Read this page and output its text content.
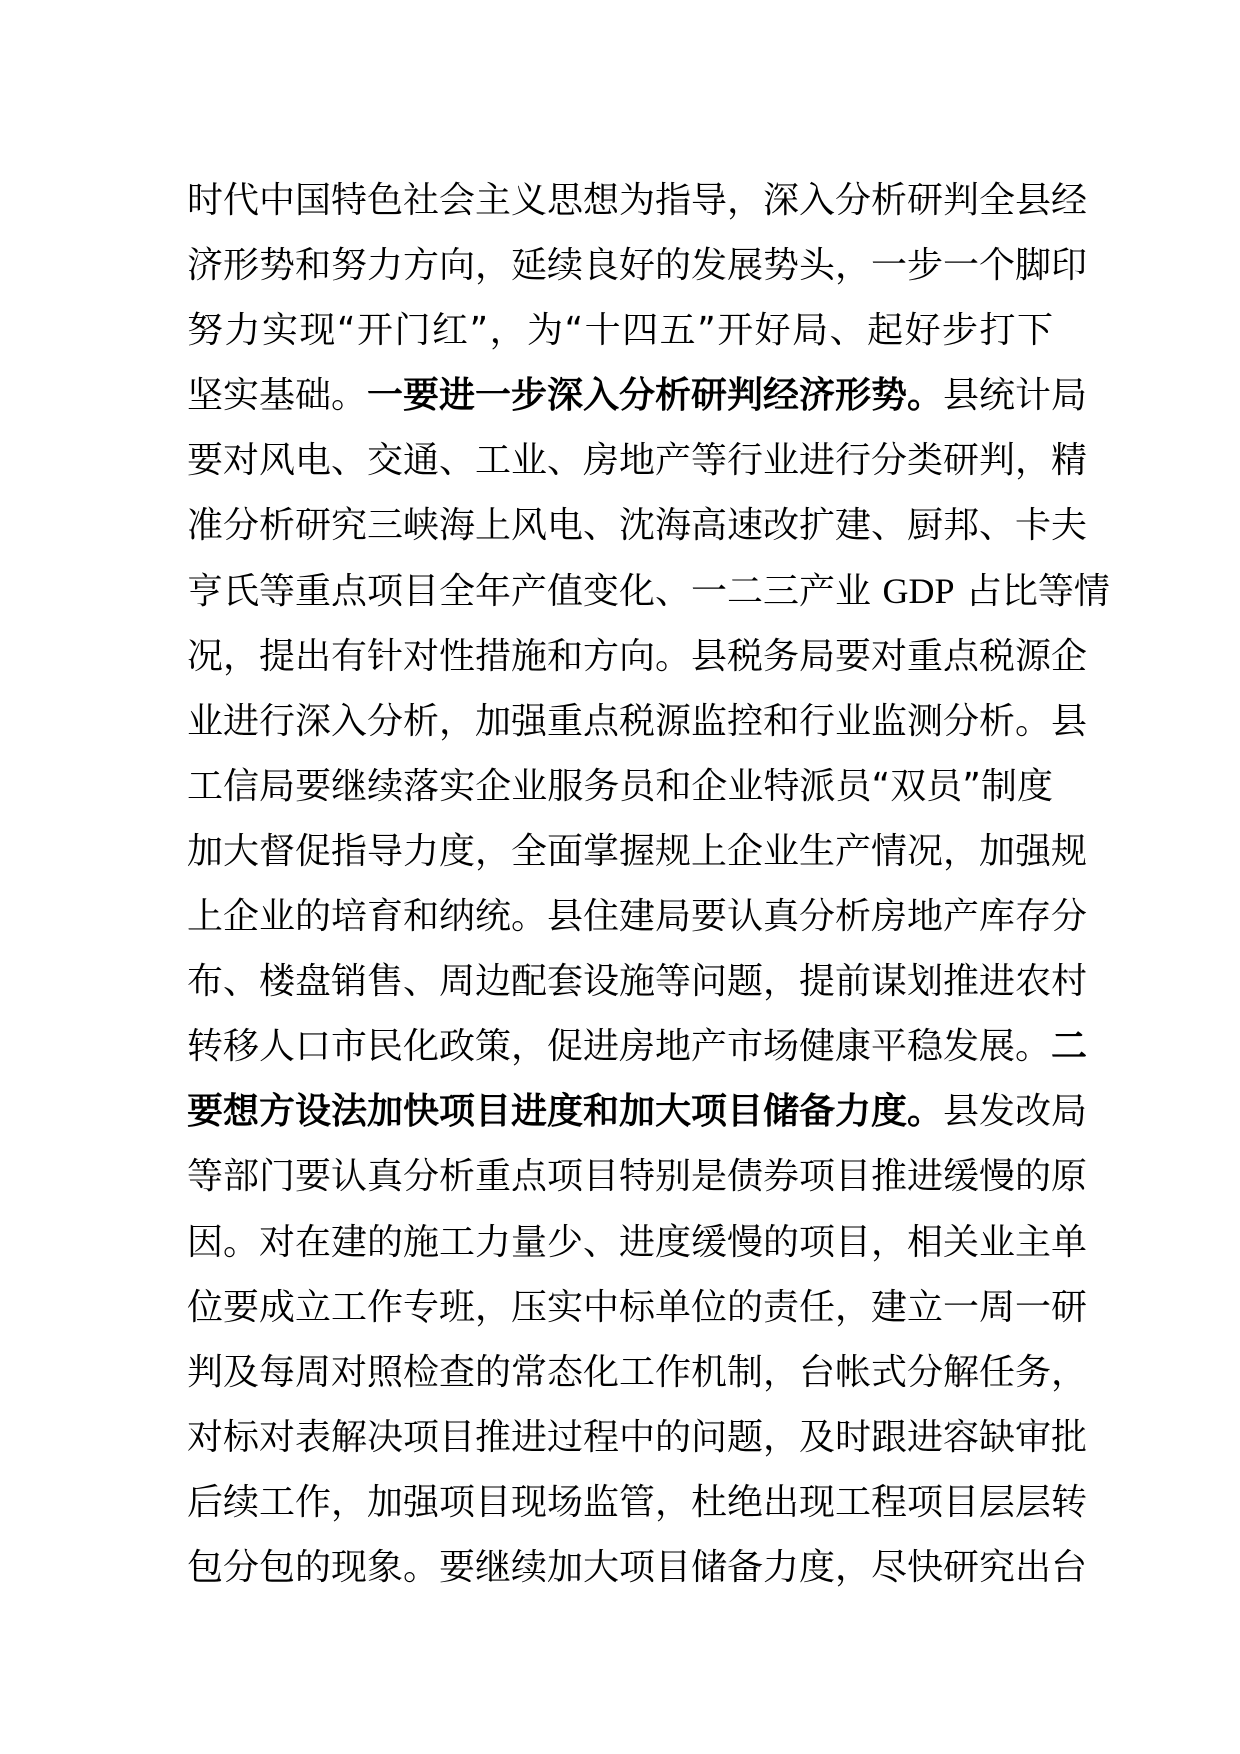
时代中国特色社会主义思想为指导，深入分析研判全县经
济形势和努力方向，延续良好的发展势头，一步一个脚印
努力实现“开门红”，为“十四五”开好局、起好步打下
坚实基础。一要进一步深入分析研判经济形势。县统计局
要对风电、交通、工业、房地产等行业进行分类研判，精
准分析研究三峡海上风电、沈海高速改扩建、厨邦、卡夫
亨氏等重点项目全年产值变化、一二三产业 GDP 占比等情
况，提出有针对性措施和方向。县税务局要对重点税源企
业进行深入分析，加强重点税源监控和行业监测分析。县
工信局要继续落实企业服务员和企业特派员“双员”制度
加大督促指导力度，全面掌握规上企业生产情况，加强规
上企业的培育和纳统。县住建局要认真分析房地产库存分
布、楼盘销售、周边配套设施等问题，提前谋划推进农村
转移人口市民化政策，促进房地产市场健康平稳发展。二
要想方设法加快项目进度和加大项目储备力度。县发改局
等部门要认真分析重点项目特别是债券项目推进缓慢的原
因。对在建的施工力量少、进度缓慢的项目，相关业主单
位要成立工作专班，压实中标单位的责任，建立一周一研
判及每周对照检查的常态化工作机制，台帐式分解任务，
对标对表解决项目推进过程中的问题，及时跟进容缺审批
后续工作，加强项目现场监管，杜绝出现工程项目层层转
包分包的现象。要继续加大项目储备力度，尽快研究出台
